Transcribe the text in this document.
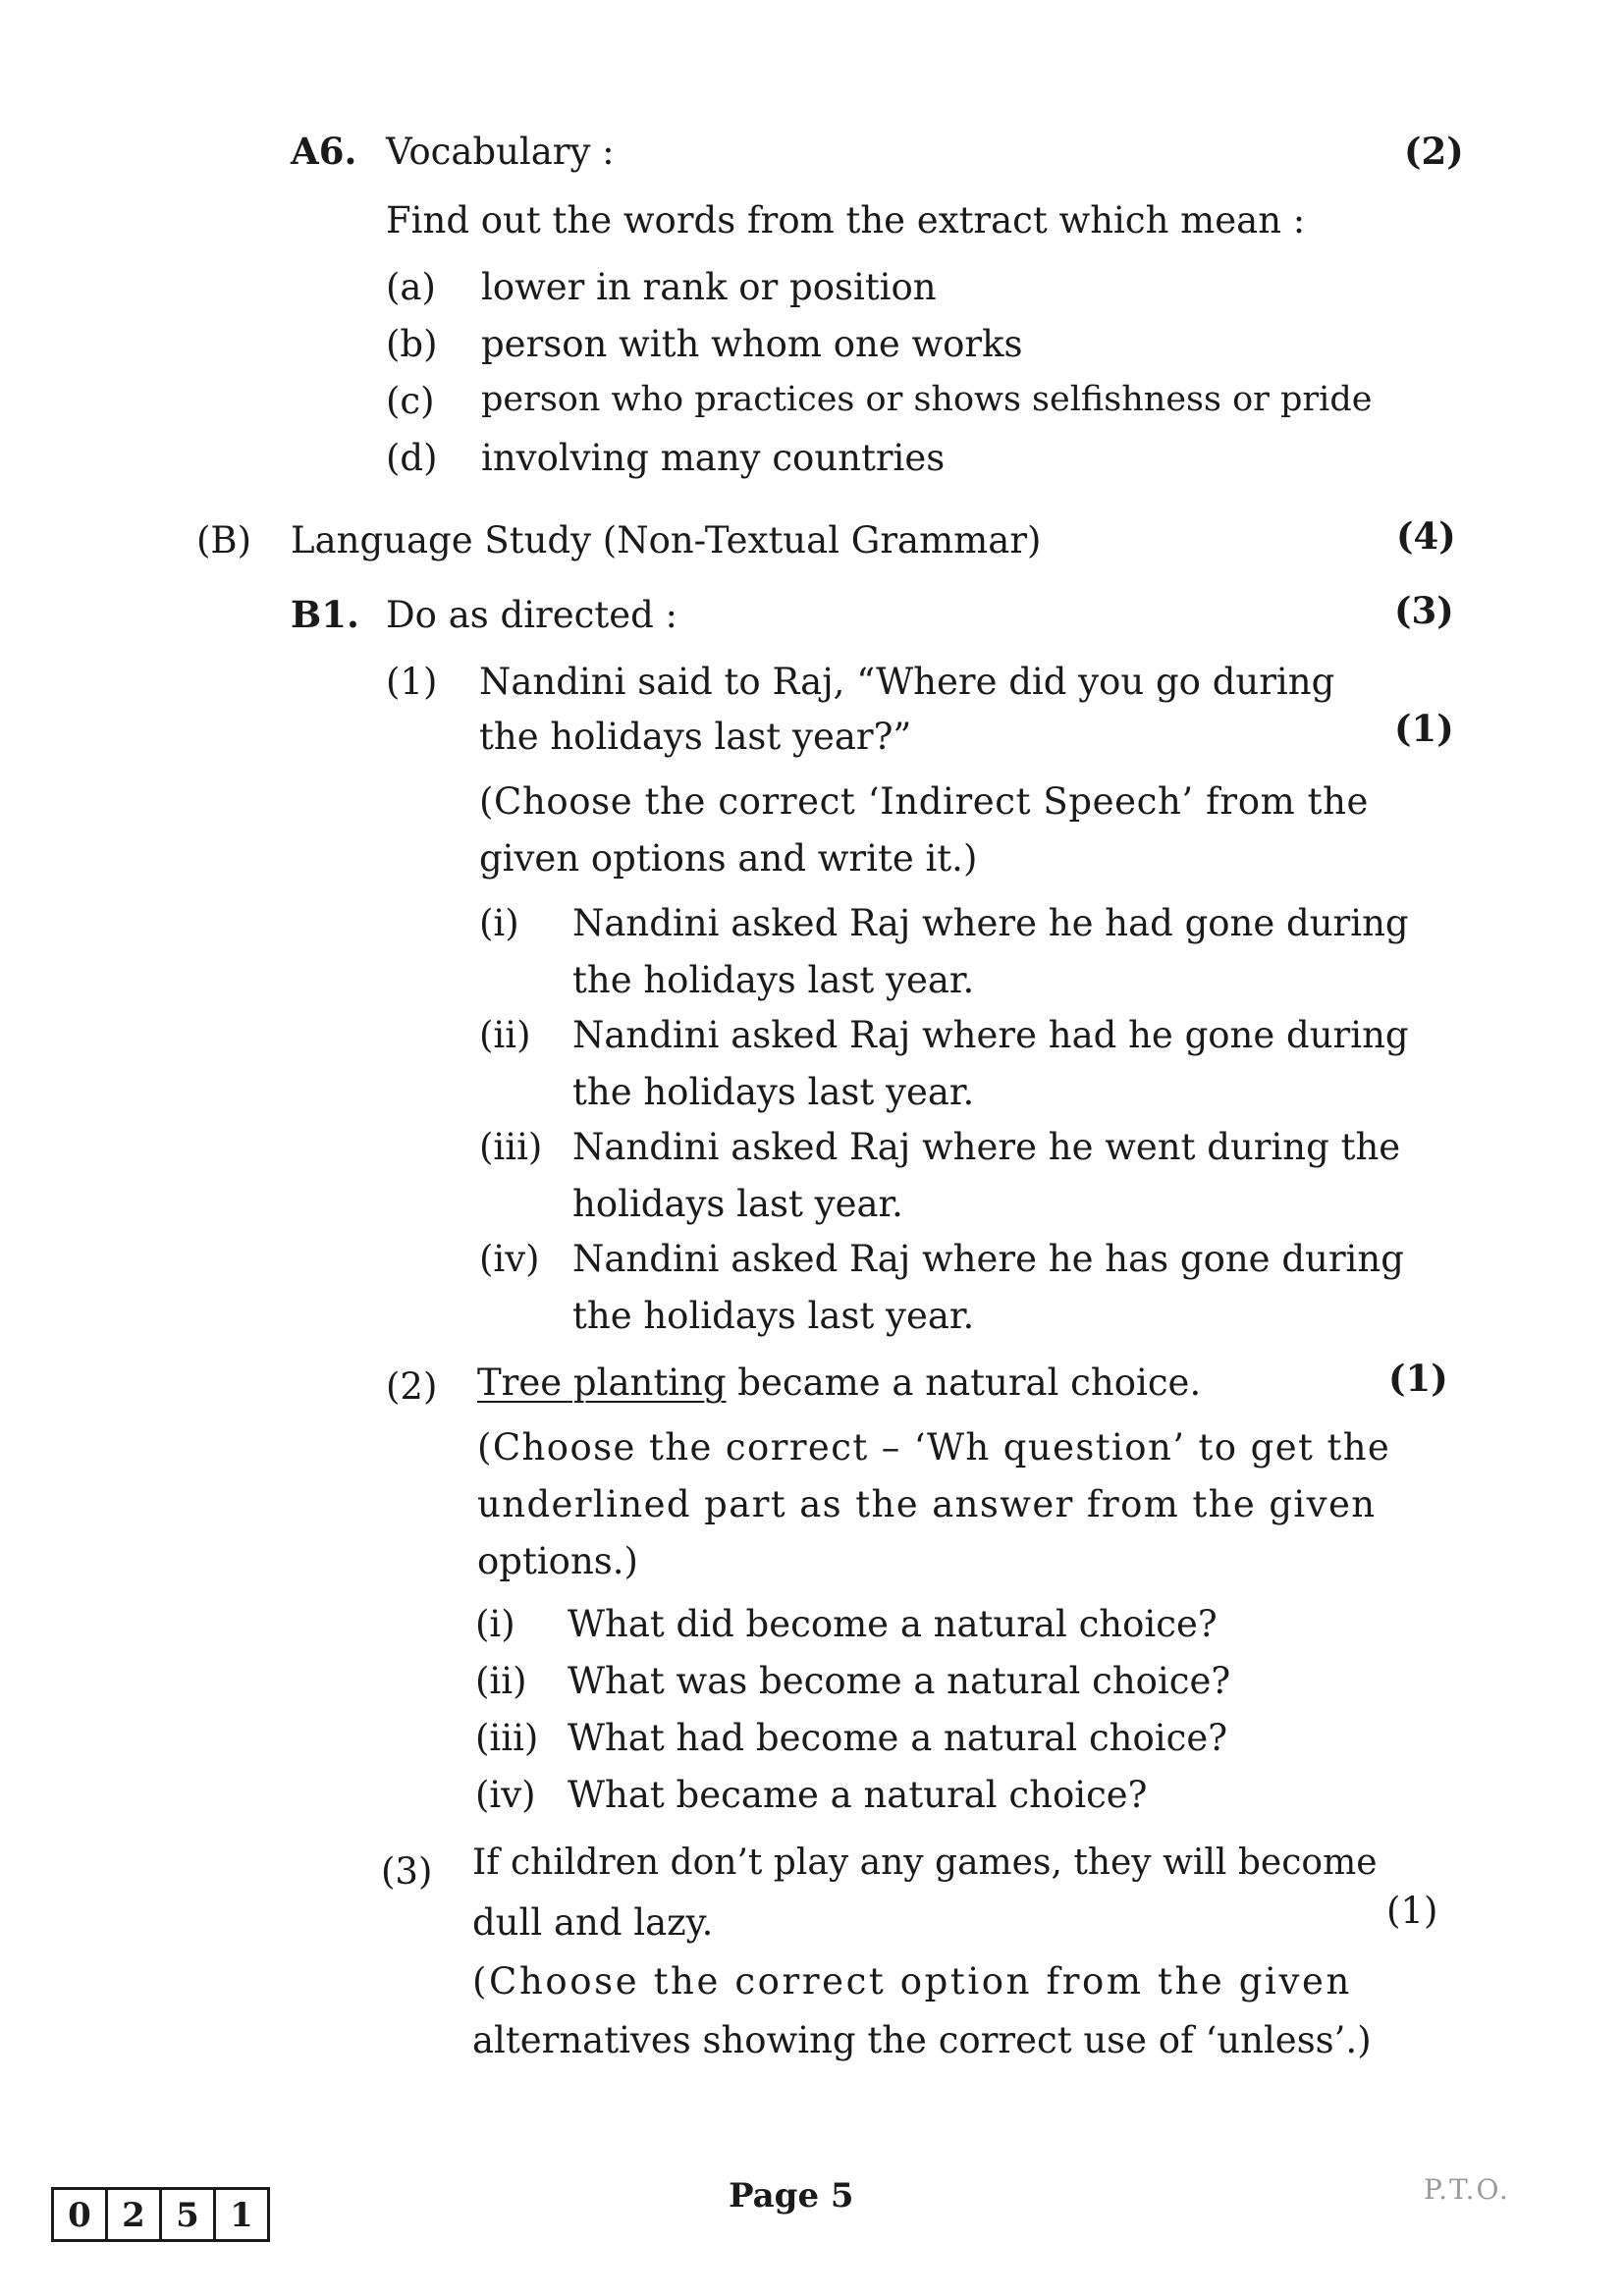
A6. Vocabulary :	(2)
Find out the words from the extract which mean :
(a) lower in rank or position
(b) person with whom one works
(c) person who practices or shows selfishness or pride
(d) involving many countries
(B) Language Study (Non-Textual Grammar)	(4)
B1. Do as directed :	(3)
(1) Nandini said to Raj, “Where did you go during
the holidays last year?”	(1)
(Choose the correct ‘Indirect Speech’ from the
given options and write it.)
(i) Nandini asked Raj where he had gone during
the holidays last year.
(ii) Nandini asked Raj where had he gone during
the holidays last year.
(iii) Nandini asked Raj where he went during the
holidays last year.
(iv) Nandini asked Raj where he has gone during
the holidays last year.
(2) Tree planting became a natural choice.	(1)
(Choose the correct – ‘Wh question’ to get the
underlined part as the answer from the given
options.)
(i) What did become a natural choice?
(ii) What was become a natural choice?
(iii) What had become a natural choice?
(iv) What became a natural choice?
(3) If children don’t play any games, they will become
dull and lazy.	(1)
(Choose the correct option from the given
alternatives showing the correct use of ‘unless’.)
0 2 5 1	Page 5	P.T.O.
